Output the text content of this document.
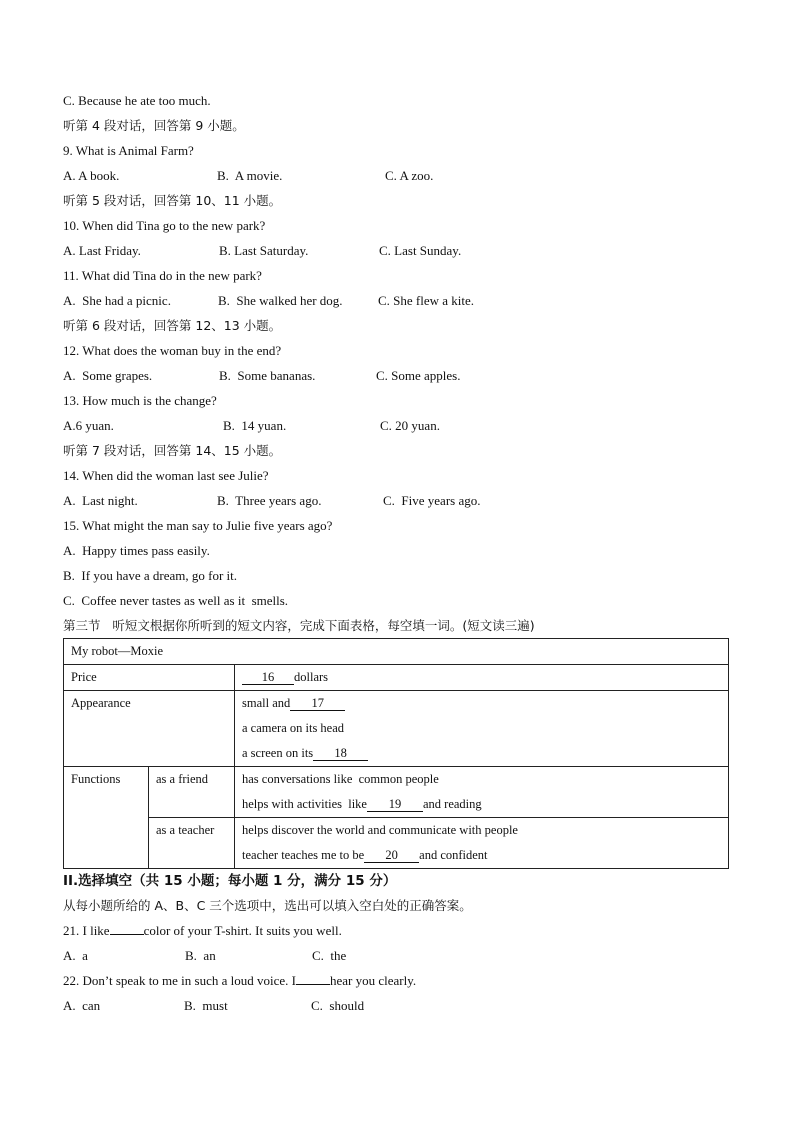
C. Because he ate too much.
听第 4 段对话，回答第 9 小题。
9. What is Animal Farm?
A. A book.	B.  A movie.	C. A zoo.
听第 5 段对话，回答第 10、11 小题。
10. When did Tina go to the new park?
A. Last Friday.	B. Last Saturday.	C. Last Sunday.
11. What did Tina do in the new park?
A.  She had a picnic.	B.  She walked her dog.	C. She flew a kite.
听第 6 段对话，回答第 12、13 小题。
12. What does the woman buy in the end?
A.  Some grapes.	B.  Some bananas.	C. Some apples.
13. How much is the change?
A.6 yuan.	B.  14 yuan.	C. 20 yuan.
听第 7 段对话，回答第 14、15 小题。
14. When did the woman last see Julie?
A.  Last night.	B.  Three years ago.	C.  Five years ago.
15. What might the man say to Julie five years ago?
A.  Happy times pass easily.
B.  If you have a dream, go for it.
C.  Coffee never tastes as well as it  smells.
第三节   听短文根据你所听到的短文内容，完成下面表格，每空填一词。(短文读三遍)
My robot—Moxie		

Price		16 dollars

Appearance		small and 17
a camera on its head
a screen on its 18

Functions	as a friend	has conversations like  common people
helps with activities  like 19 and reading

	as a teacher	helps discover the world and communicate with people
teacher teaches me to be 20 and confident
II.选择填空（共 15 小题；每小题 1 分，满分 15 分）
从每小题所给的 A、B、C 三个选项中，选出可以填入空白处的正确答案。
21. I like	color of your T-shirt. It suits you well.
A.  a	B.  an	C.  the
22. Don’t speak to me in such a loud voice. I	hear you clearly.
A.  can	B.  must	C.  should
